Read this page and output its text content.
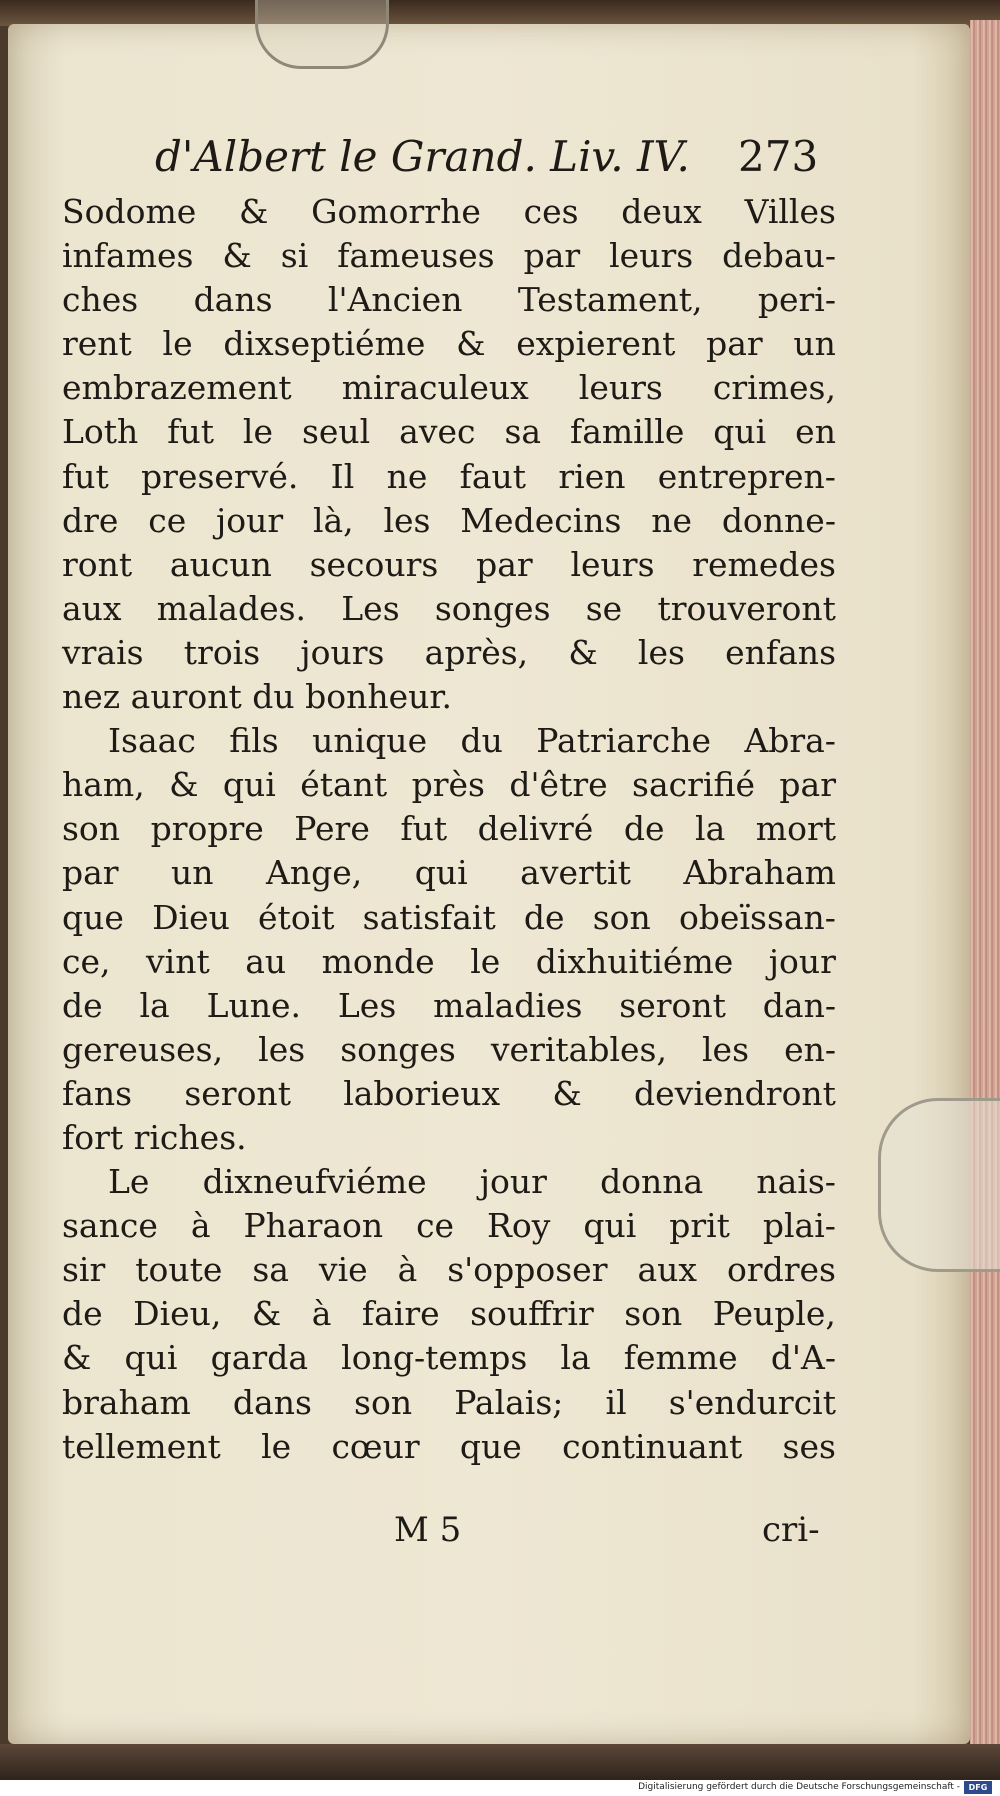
d'Albert le Grand. Liv. IV. 273
Sodome & Gomorrhe ces deux Villes
infames & si fameuses par leurs debau-
ches dans l'Ancien Testament, peri-
rent le dixseptiéme & expierent par un
embrazement miraculeux leurs crimes,
Loth fut le seul avec sa famille qui en
fut preservé. Il ne faut rien entrepren-
dre ce jour là, les Medecins ne donne-
ront aucun secours par leurs remedes
aux malades. Les songes se trouveront
vrais trois jours après, & les enfans
nez auront du bonheur.
Isaac fils unique du Patriarche Abra-
ham, & qui étant près d'être sacrifié par
son propre Pere fut delivré de la mort
par un Ange, qui avertit Abraham
que Dieu étoit satisfait de son obeïssan-
ce, vint au monde le dixhuitiéme jour
de la Lune. Les maladies seront dan-
gereuses, les songes veritables, les en-
fans seront laborieux & deviendront
fort riches.
Le dixneufviéme jour donna nais-
sance à Pharaon ce Roy qui prit plai-
sir toute sa vie à s'opposer aux ordres
de Dieu, & à faire souffrir son Peuple,
& qui garda long-temps la femme d'A-
braham dans son Palais; il s'endurcit
tellement le cœur que continuant ses
M 5	cri-
Digitalisierung gefördert durch die Deutsche Forschungsgemeinschaft -	DFG
